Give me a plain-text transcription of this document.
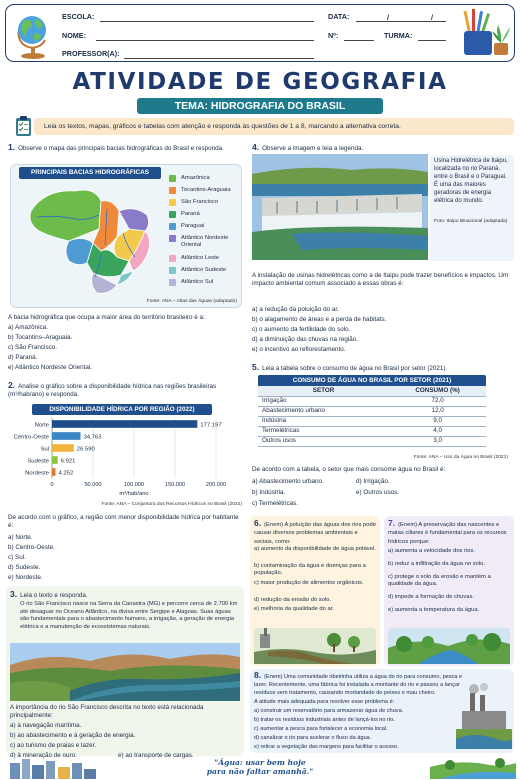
ESCOLA:	DATA:	/ /
NOME:	Nº:	TURMA:
PROFESSOR(A):
ATIVIDADE DE GEOGRAFIA
TEMA: HIDROGRAFIA DO BRASIL
Leia os textos, mapas, gráficos e tabelas com atenção e responda às questões de 1 a 8, marcando a alternativa correta.
1. Observe o mapa das principais bacias hidrográficas do Brasil e responda.
PRINCIPAIS BACIAS HIDROGRÁFICAS
Amazônica
Tocantins-Araguaia
São Francisco
Paraná
Paraguai
Atlântico Nordeste Oriental
Atlântico Leste
Atlântico Sudeste
Atlântico Sul
Fonte: ANA – Atlas das Águas (adaptado)
A bacia hidrográfica que ocupa a maior área do território brasileiro é a:
a) Amazônica.
b) Tocantins–Araguaia.
c) São Francisco.
d) Paraná.
e) Atlântico Nordeste Oriental.
2. Analise o gráfico sobre a disponibilidade hídrica nas regiões brasileiras (m³/hab/ano) e responda.
DISPONIBILIDADE HÍDRICA POR REGIÃO (2022)
0	50.000	100.000	150.000	200.000
Norte	177.197
Centro-Oeste	34.763
Sul	26.590
Sudeste 6.921
Nordeste 4.252
m³/hab/ano
Fonte: ANA – Conjuntura dos Recursos Hídricos no Brasil (2022)
De acordo com o gráfico, a região com menor disponibilidade hídrica por habitante é:
a) Norte.
b) Centro-Oeste.
c) Sul.
d) Sudeste.
e) Nordeste.
3. Leia o texto e responda.
O rio São Francisco nasce na Serra da Canastra (MG) e percorre cerca de 2.700 km até desaguar no Oceano Atlântico, na divisa entre Sergipe e Alagoas. Suas águas são fundamentais para o abastecimento humano, a irrigação, a geração de energia elétrica e a manutenção de ecossistemas naturais.
A importância do rio São Francisco descrita no texto está relacionada principalmente:
a) à navegação marítima.
b) ao abastecimento e à geração de energia.
c) ao turismo de praias e lazer.
d) à mineração de ouro.	e) ao transporte de cargas.
4. Observe a imagem e leia a legenda.
Usina Hidrelétrica de Itaipu, localizada no rio Paraná, entre o Brasil e o Paraguai. É uma das maiores geradoras de energia elétrica do mundo.
Foto: Itaipu Binacional (adaptada)
A instalação de usinas hidrelétricas como a de Itaipu pode trazer benefícios e impactos. Um impacto ambiental comum associado a essas obras é:
a) a redução da poluição do ar.
b) o alagamento de áreas e a perda de habitats.
c) o aumento da fertilidade do solo.
d) a diminuição das chuvas na região.
e) o incentivo ao reflorestamento.
5. Leia a tabela sobre o consumo de água no Brasil por setor (2021).
CONSUMO DE ÁGUA NO BRASIL POR SETOR (2021)
SETOR	CONSUMO (%)
Irrigação	72,0
Abastecimento urbano	12,0
Indústria	9,0
Termelétricas	4,0
Outros usos	3,0
Fonte: ANA – Uso da Água no Brasil (2021)
De acordo com a tabela, o setor que mais consome água no Brasil é:
a) Abastecimento urbano.
b) Indústria.
c) Termelétricas.
d) Irrigação.
e) Outros usos.
6. (Enem) A poluição das águas dos rios pode causar diversos problemas ambientais e sociais, como:
a) aumento da disponibilidade de água potável.
b) contaminação da água e doenças para a população.
c) maior produção de alimentos orgânicos.
d) redução da erosão do solo.
e) melhoria da qualidade do ar.
7. (Enem) A preservação das nascentes e matas ciliares é fundamental para os recursos hídricos porque:
a) aumenta a velocidade dos rios.
b) reduz a infiltração da água no solo.
c) protege o solo da erosão e mantém a qualidade da água.
d) impede a formação de chuvas.
e) aumenta a temperatura da água.
8. (Enem) Uma comunidade ribeirinha utiliza a água do rio para consumo, pesca e lazer. Recentemente, uma fábrica foi instalada a montante do rio e passou a lançar resíduos sem tratamento, causando mortandade de peixes e mau cheiro.
A atitude mais adequada para resolver esse problema é:
a) construir um reservatório para armazenar água de chuva.
b) tratar os resíduos industriais antes de lançá-los no rio.
c) aumentar a pesca para fortalecer a economia local.
d) canalizar o rio para acelerar o fluxo da água.
e) retirar a vegetação das margens para facilitar o acesso.
"Água: usar bem hoje
para não faltar amanhã."
